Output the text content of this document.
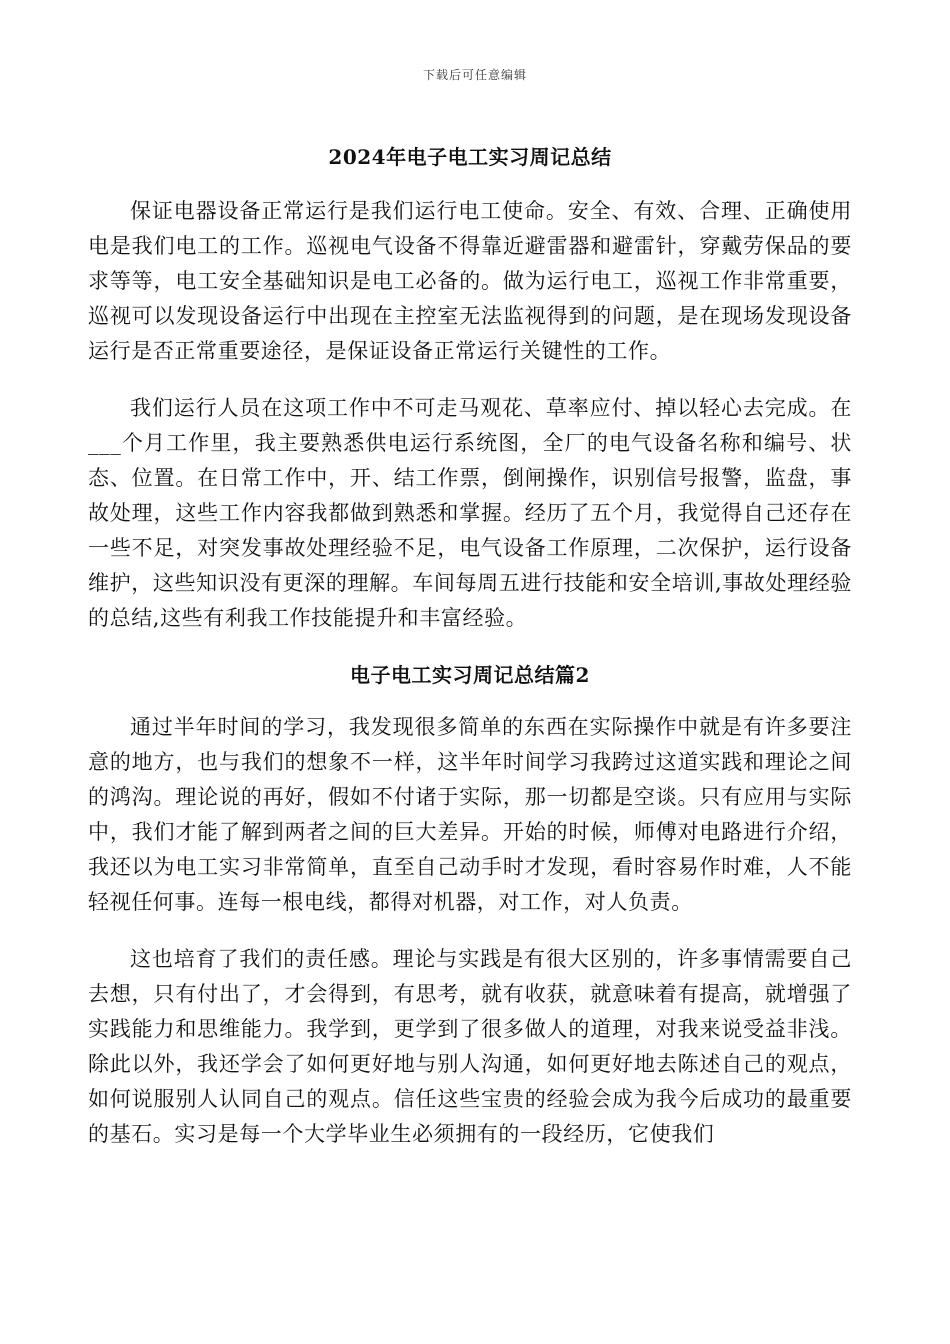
下载后可任意编辑
2024年电子电工实习周记总结

保证电器设备正常运行是我们运行电工使命。安全、有效、合理、正确使用电是我们电工的工作。巡视电气设备不得靠近避雷器和避雷针，穿戴劳保品的要求等等，电工安全基础知识是电工必备的。做为运行电工，巡视工作非常重要，巡视可以发现设备运行中出现在主控室无法监视得到的问题，是在现场发现设备运行是否正常重要途径，是保证设备正常运行关键性的工作。

我们运行人员在这项工作中不可走马观花、草率应付、掉以轻心去完成。在___个月工作里，我主要熟悉供电运行系统图，全厂的电气设备名称和编号、状态、位置。在日常工作中，开、结工作票，倒闸操作，识别信号报警，监盘，事故处理，这些工作内容我都做到熟悉和掌握。经历了五个月，我觉得自己还存在一些不足，对突发事故处理经验不足，电气设备工作原理，二次保护，运行设备维护，这些知识没有更深的理解。车间每周五进行技能和安全培训,事故处理经验的总结,这些有利我工作技能提升和丰富经验。

电子电工实习周记总结篇2

通过半年时间的学习，我发现很多简单的东西在实际操作中就是有许多要注意的地方，也与我们的想象不一样，这半年时间学习我跨过这道实践和理论之间的鸿沟。理论说的再好，假如不付诸于实际，那一切都是空谈。只有应用与实际中，我们才能了解到两者之间的巨大差异。开始的时候，师傅对电路进行介绍，我还以为电工实习非常简单，直至自己动手时才发现，看时容易作时难，人不能轻视任何事。连每一根电线，都得对机器，对工作，对人负责。

这也培育了我们的责任感。理论与实践是有很大区别的，许多事情需要自己去想，只有付出了，才会得到，有思考，就有收获，就意味着有提高，就增强了实践能力和思维能力。我学到，更学到了很多做人的道理，对我来说受益非浅。除此以外，我还学会了如何更好地与别人沟通，如何更好地去陈述自己的观点，如何说服别人认同自己的观点。信任这些宝贵的经验会成为我今后成功的最重要的基石。实习是每一个大学毕业生必须拥有的一段经历，它使我们
